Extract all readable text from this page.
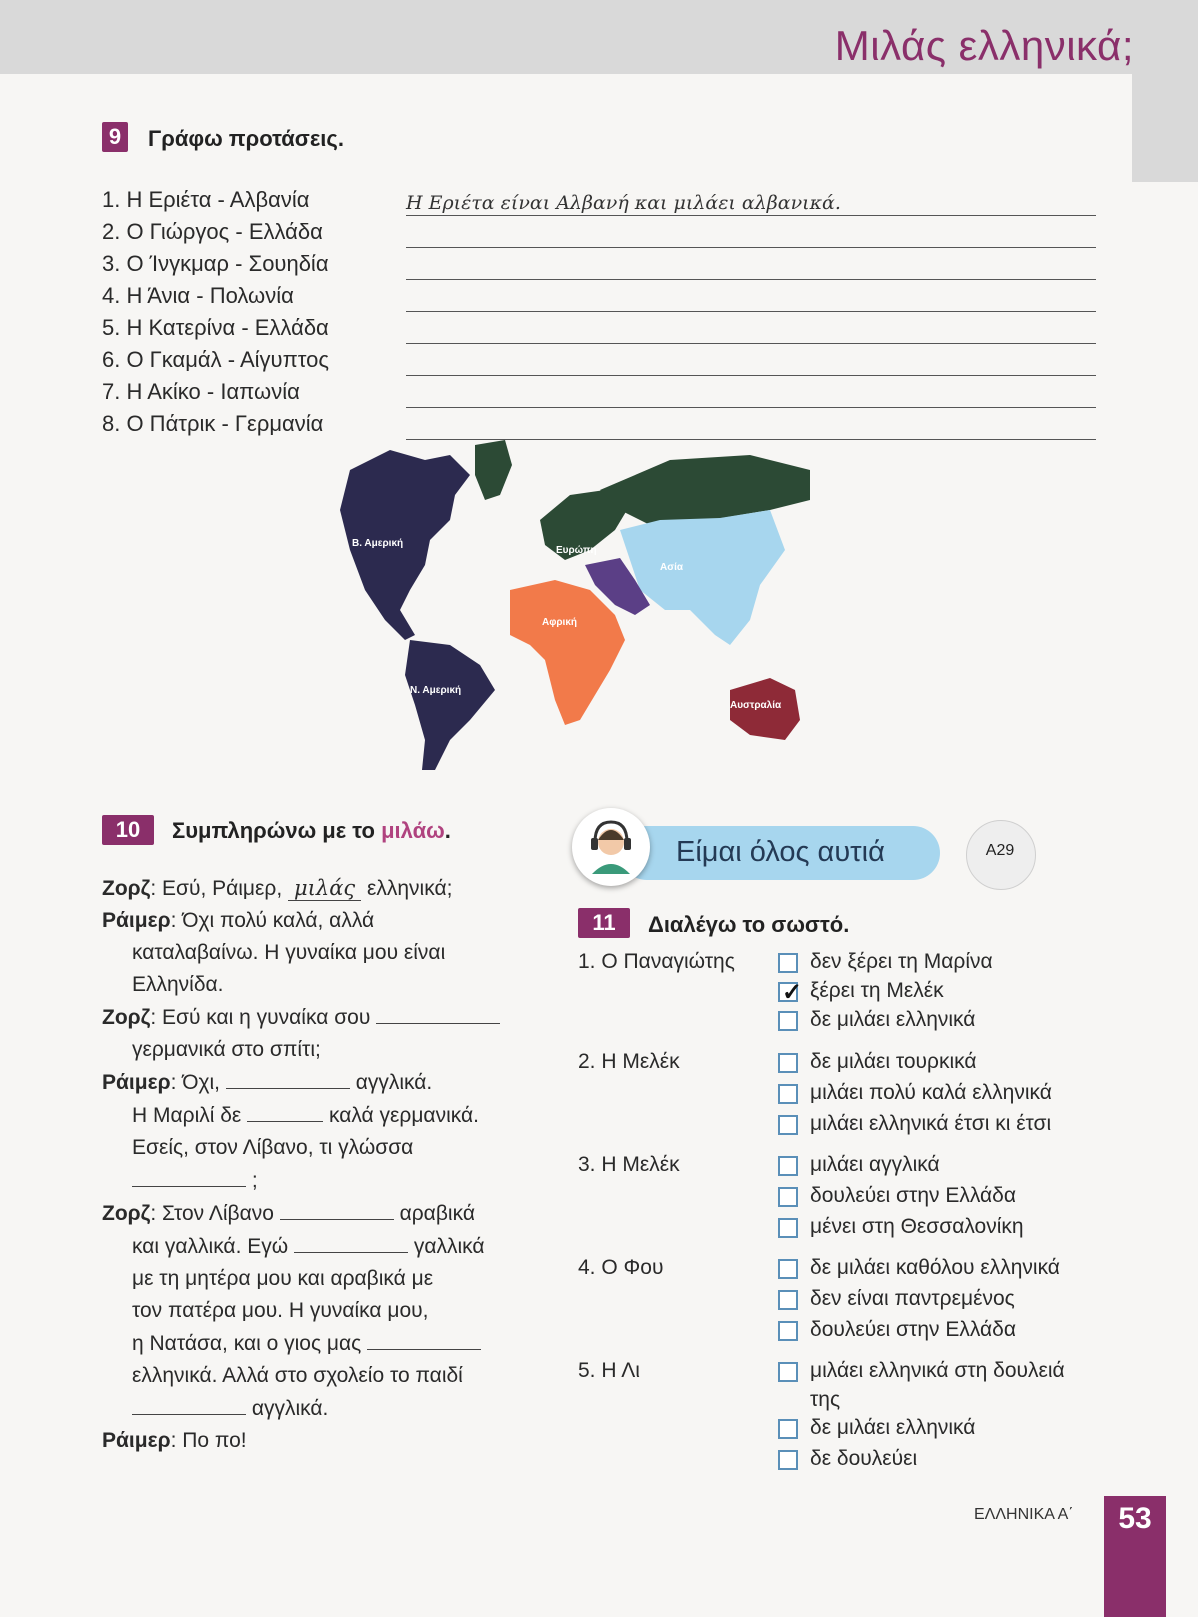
Μιλάς ελληνικά;
9	Γράφω προτάσεις.
1. Η Εριέτα - Αλβανία
2. Ο Γιώργος - Ελλάδα
3. Ο Ίνγκμαρ - Σουηδία
4. Η Άνια - Πολωνία
5. Η Κατερίνα - Ελλάδα
6. Ο Γκαμάλ - Αίγυπτος
7. Η Ακίκο - Ιαπωνία
8. Ο Πάτρικ - Γερμανία
Η Εριέτα είναι Αλβανή και μιλάει αλβανικά.
Β. Αμερική
Ν. Αμερική
Ευρώπη
Ασία
Αφρική
Αυστραλία
10	Συμπληρώνω με το μιλάω.
Ζορζ: Εσύ, Ράιμερ, μιλάς ελληνικά;
Ράιμερ: Όχι πολύ καλά, αλλά
καταλαβαίνω. Η γυναίκα μου είναι
Ελληνίδα.
Ζορζ: Εσύ και η γυναίκα σου
γερμανικά στο σπίτι;
Ράιμερ: Όχι,	αγγλικά.
Η Μαριλί δε	καλά γερμανικά.
Εσείς, στον Λίβανο, τι γλώσσα
;
Ζορζ: Στον Λίβανο	αραβικά
και γαλλικά. Εγώ	γαλλικά
με τη μητέρα μου και αραβικά με
τον πατέρα μου. Η γυναίκα μου,
η Νατάσα, και ο γιος μας
ελληνικά. Αλλά στο σχολείο το παιδί
αγγλικά.
Ράιμερ: Πο πο!
Είμαι όλος αυτιά	A29
11	Διαλέγω το σωστό.
1. Ο Παναγιώτης	δεν ξέρει τη Μαρίνα
✓ ξέρει τη Μελέκ
δε μιλάει ελληνικά
2. Η Μελέκ	δε μιλάει τουρκικά
μιλάει πολύ καλά ελληνικά
μιλάει ελληνικά έτσι κι έτσι
3. Η Μελέκ	μιλάει αγγλικά
δουλεύει στην Ελλάδα
μένει στη Θεσσαλονίκη
4. Ο Φου	δε μιλάει καθόλου ελληνικά
δεν είναι παντρεμένος
δουλεύει στην Ελλάδα
5. Η Λι	μιλάει ελληνικά στη δουλειά
της
δε μιλάει ελληνικά
δε δουλεύει
ΕΛΛΗΝΙΚΑ Α΄	53
